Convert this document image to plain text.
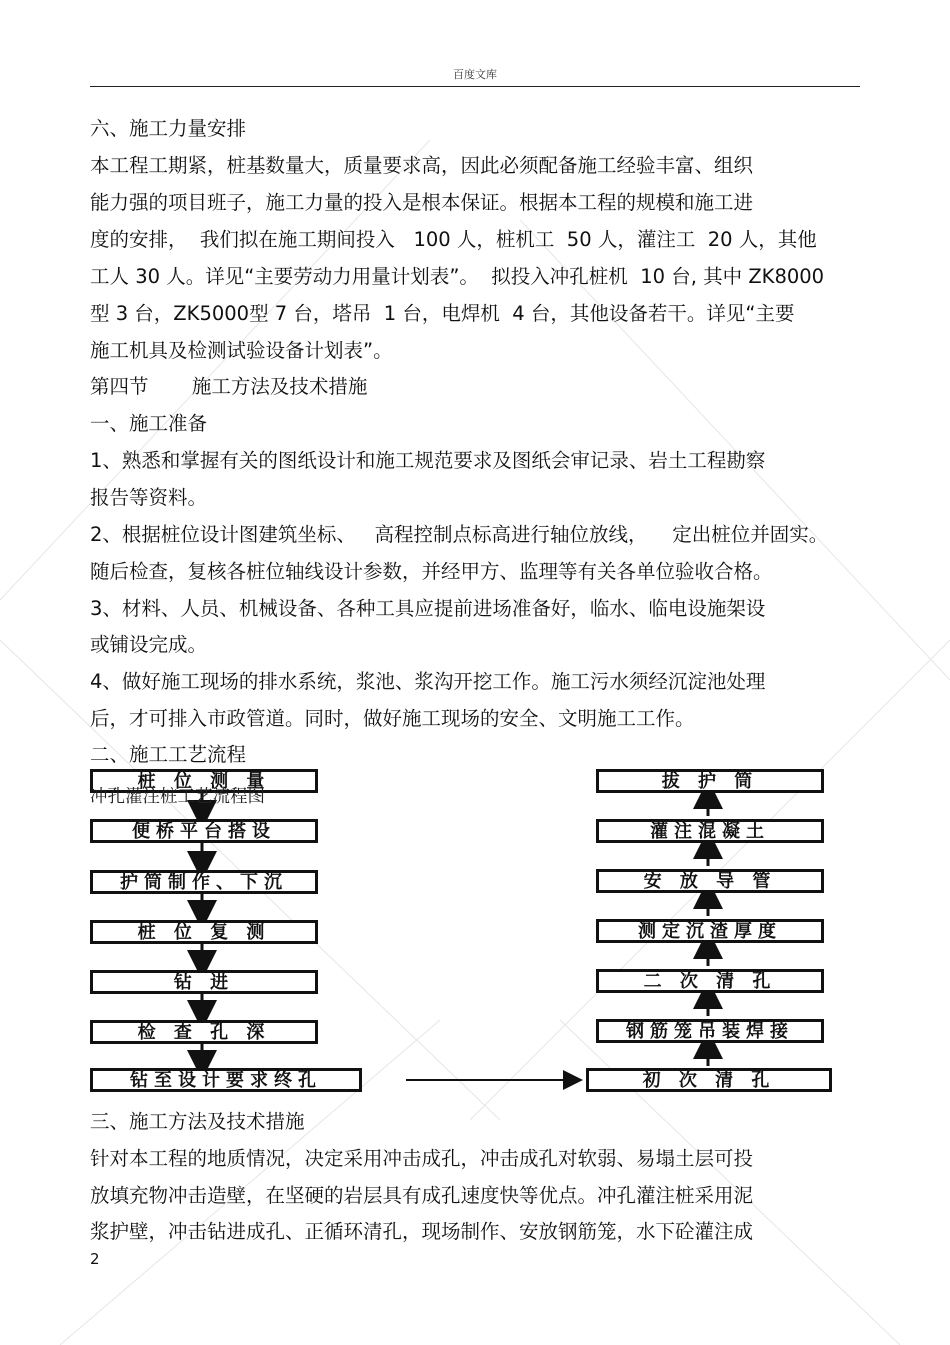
百度文库
六、施工力量安排
本工程工期紧，桩基数量大，质量要求高，因此必须配备施工经验丰富、组织
能力强的项目班子，施工力量的投入是根本保证。根据本工程的规模和施工进
度的安排，  我们拟在施工期间投入   100 人，桩机工  50 人，灌注工  20 人，其他
工人 30 人。详见“主要劳动力用量计划表”。  拟投入冲孔桩机  10 台, 其中 ZK8000
型 3 台，ZK5000型 7 台，塔吊  1 台，电焊机  4 台，其他设备若干。详见“主要
施工机具及检测试验设备计划表”。
第四节       施工方法及技术措施
一、施工准备
1、熟悉和掌握有关的图纸设计和施工规范要求及图纸会审记录、岩土工程勘察
报告等资料。
2、根据桩位设计图建筑坐标、   高程控制点标高进行轴位放线，    定出桩位并固实。
随后检查，复核各桩位轴线设计参数，并经甲方、监理等有关各单位验收合格。
3、材料、人员、机械设备、各种工具应提前进场准备好，临水、临电设施架设
或铺设完成。
4、做好施工现场的排水系统，浆池、浆沟开挖工作。施工污水须经沉淀池处理
后，才可排入市政管道。同时，做好施工现场的安全、文明施工工作。
二、施工工艺流程
桩 位 测 量
便桥平台搭设
护筒制作、下沉
桩 位 复 测
钻 进
检 查 孔 深
钻至设计要求终孔
冲孔灌注桩工艺流程图
拔 护 筒
灌注混凝土
安 放 导 管
测定沉渣厚度
二 次 清 孔
钢筋笼吊装焊接
初 次 清 孔
三、施工方法及技术措施
针对本工程的地质情况，决定采用冲击成孔，冲击成孔对软弱、易塌土层可投
放填充物冲击造壁，在坚硬的岩层具有成孔速度快等优点。冲孔灌注桩采用泥
浆护壁，冲击钻进成孔、正循环清孔，现场制作、安放钢筋笼，水下砼灌注成
2
